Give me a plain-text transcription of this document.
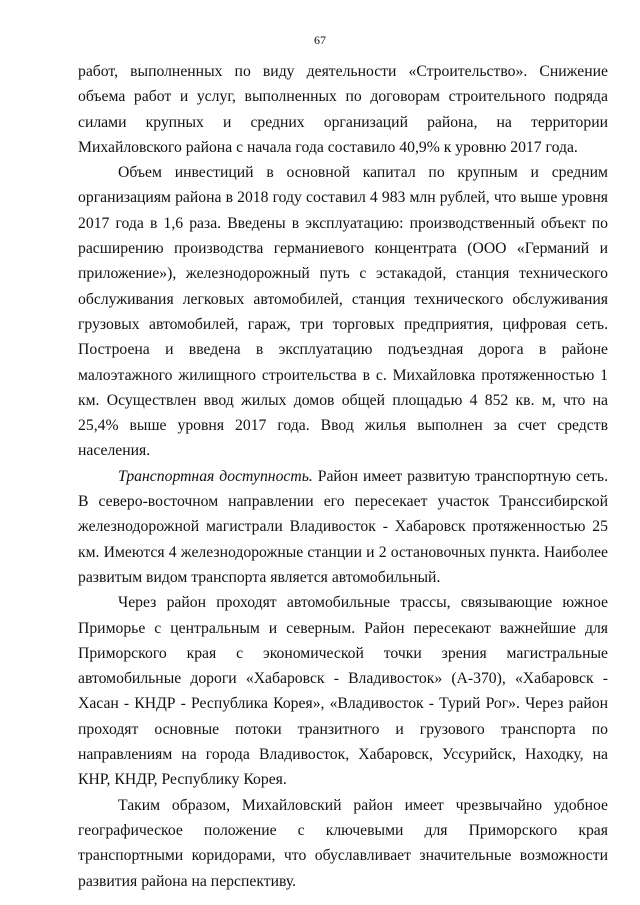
67

работ, выполненных по виду деятельности «Строительство». Снижение объема работ и услуг, выполненных по договорам строительного подряда силами крупных и средних организаций района, на территории Михайловского района с начала года составило 40,9% к уровню 2017 года.

Объем инвестиций в основной капитал по крупным и средним организациям района в 2018 году составил 4 983 млн рублей, что выше уровня 2017 года в 1,6 раза. Введены в эксплуатацию: производственный объект по расширению производства германиевого концентрата (ООО «Германий и приложение»), железнодорожный путь с эстакадой, станция технического обслуживания легковых автомобилей, станция технического обслуживания грузовых автомобилей, гараж, три торговых предприятия, цифровая сеть. Построена и введена в эксплуатацию подъездная дорога в районе малоэтажного жилищного строительства в с. Михайловка протяженностью 1 км. Осуществлен ввод жилых домов общей площадью 4 852 кв. м, что на 25,4% выше уровня 2017 года. Ввод жилья выполнен за счет средств населения.

Транспортная доступность. Район имеет развитую транспортную сеть. В северо-восточном направлении его пересекает участок Транссибирской железнодорожной магистрали Владивосток - Хабаровск протяженностью 25 км. Имеются 4 железнодорожные станции и 2 остановочных пункта. Наиболее развитым видом транспорта является автомобильный.

Через район проходят автомобильные трассы, связывающие южное Приморье с центральным и северным. Район пересекают важнейшие для Приморского края с экономической точки зрения магистральные автомобильные дороги «Хабаровск - Владивосток» (А-370), «Хабаровск - Хасан - КНДР - Республика Корея», «Владивосток - Турий Рог». Через район проходят основные потоки транзитного и грузового транспорта по направлениям на города Владивосток, Хабаровск, Уссурийск, Находку, на КНР, КНДР, Республику Корея.

Таким образом, Михайловский район имеет чрезвычайно удобное географическое положение с ключевыми для Приморского края транспортными коридорами, что обуславливает значительные возможности развития района на перспективу.
